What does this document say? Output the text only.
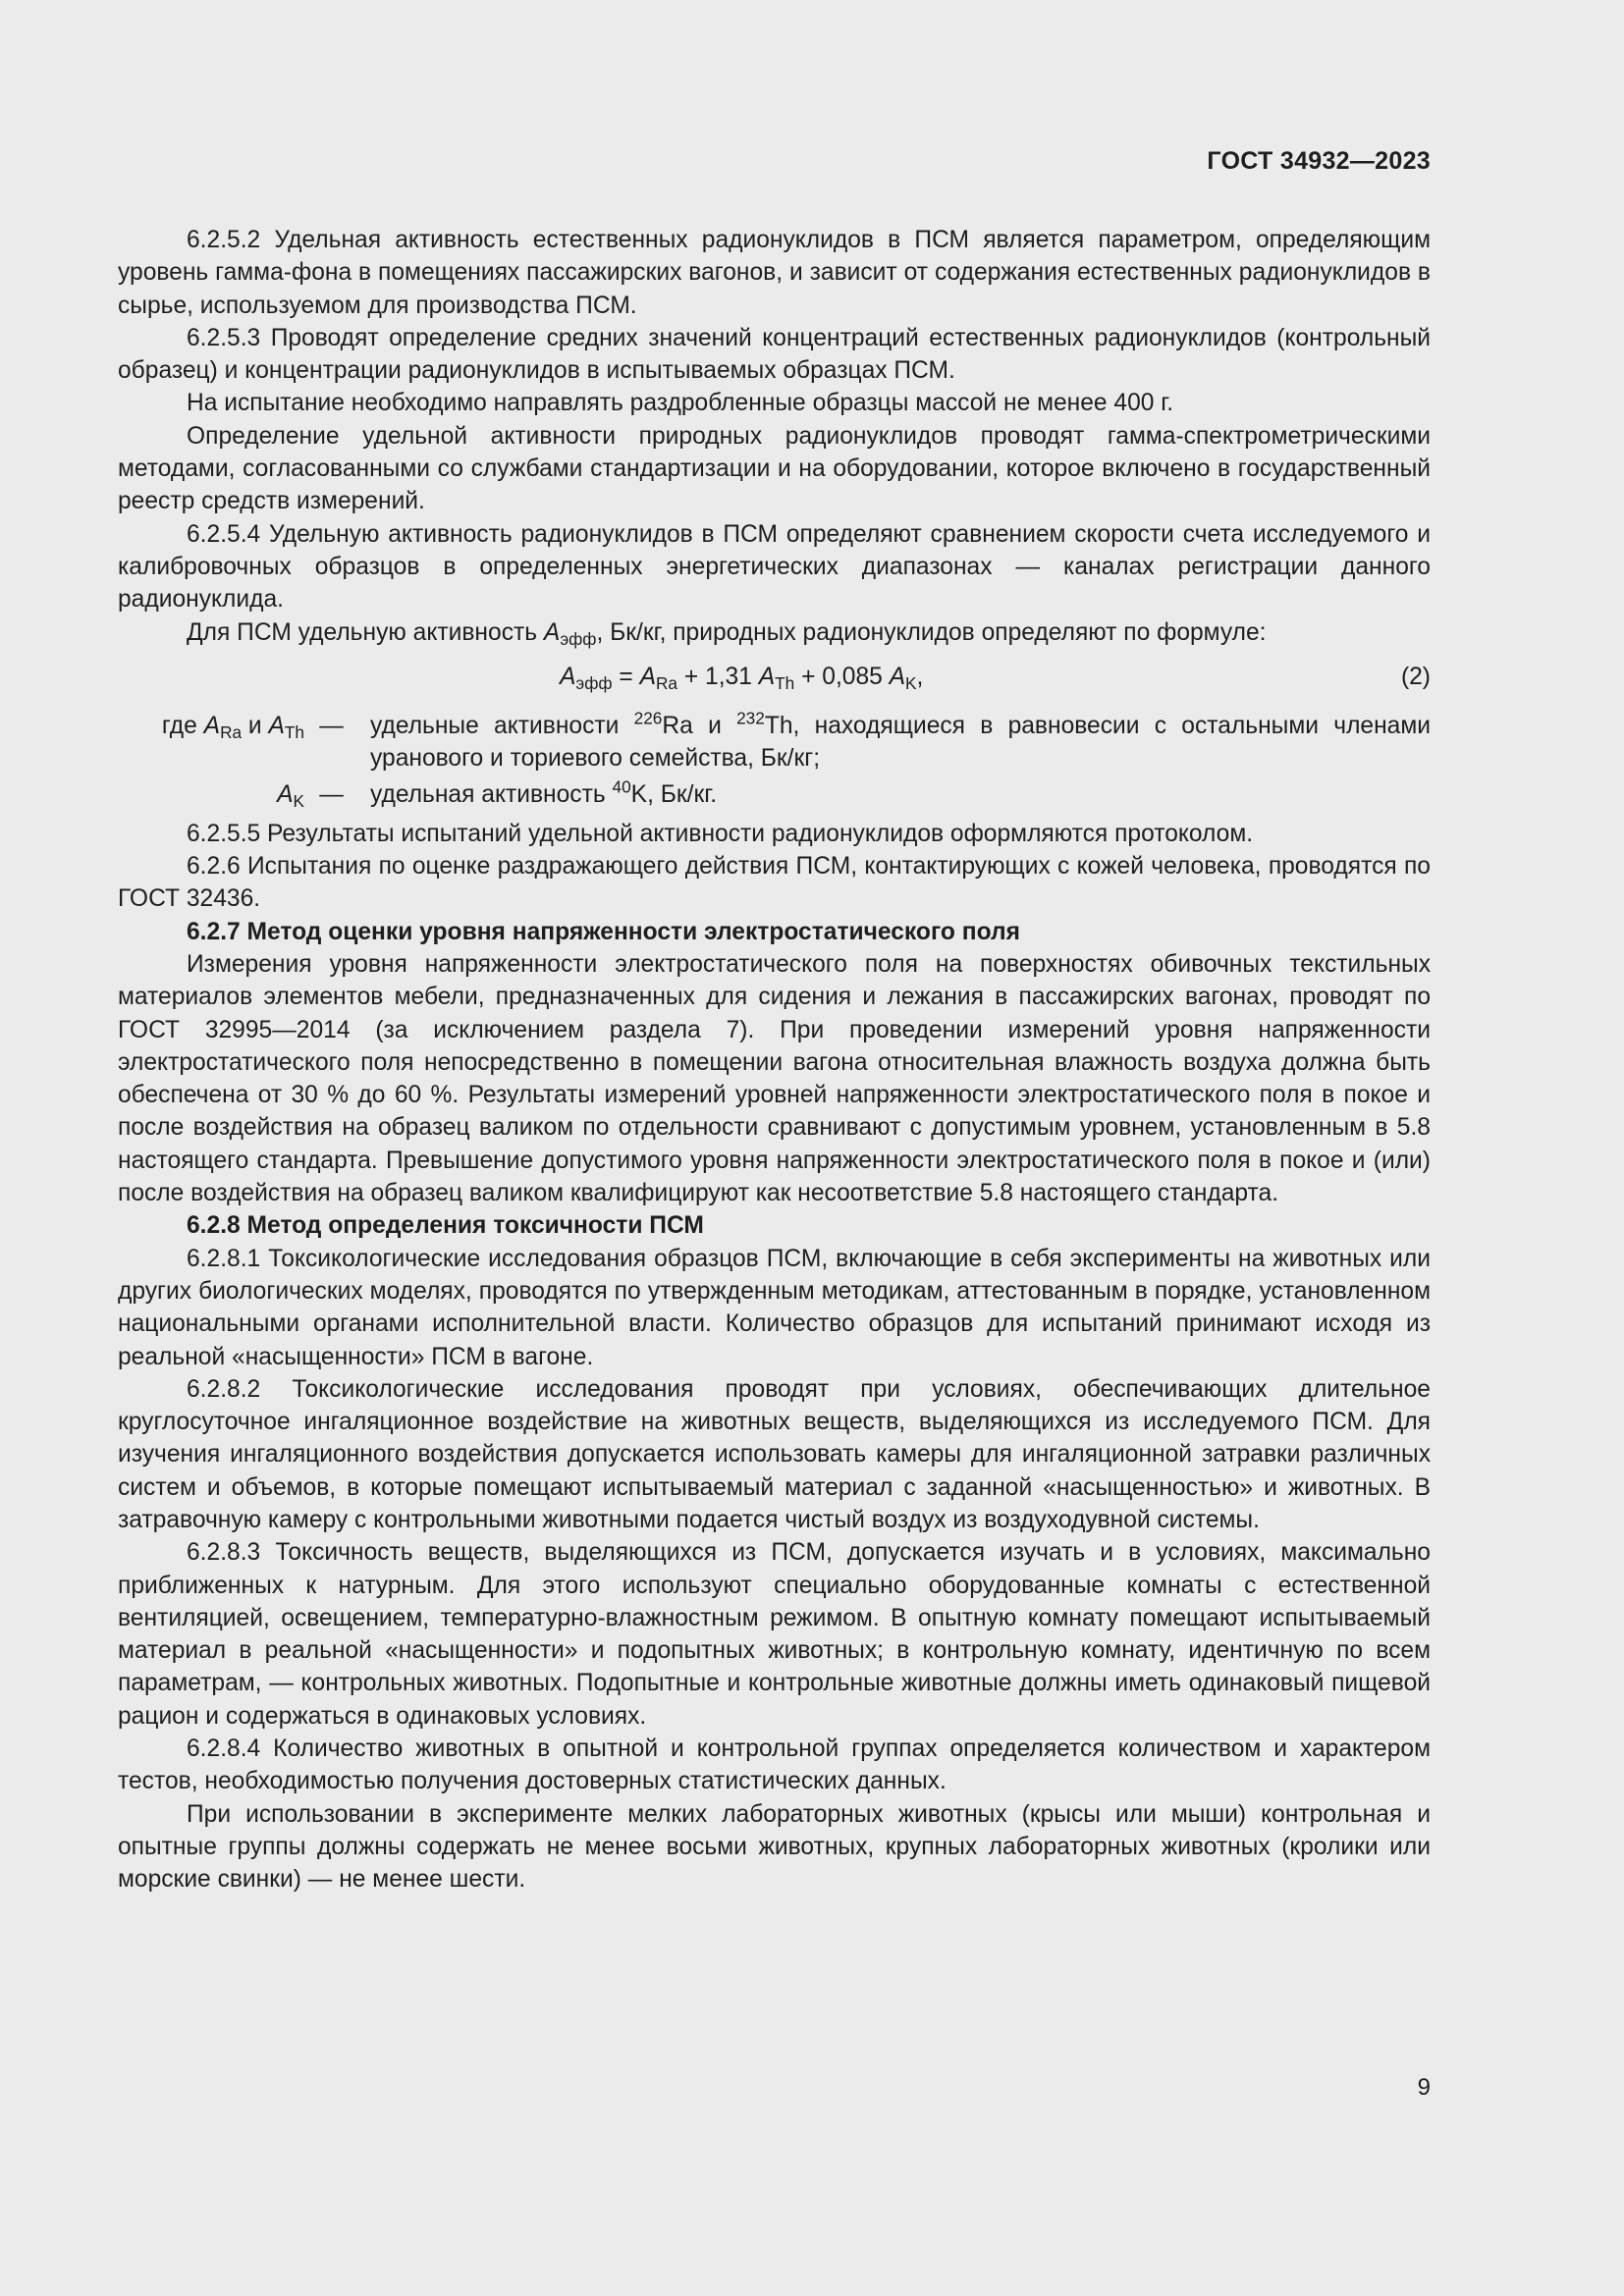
ГОСТ 34932—2023

6.2.5.2 Удельная активность естественных радионуклидов в ПСМ является параметром, определяющим уровень гамма-фона в помещениях пассажирских вагонов, и зависит от содержания естественных радионуклидов в сырье, используемом для производства ПСМ.

6.2.5.3 Проводят определение средних значений концентраций естественных радионуклидов (контрольный образец) и концентрации радионуклидов в испытываемых образцах ПСМ.

На испытание необходимо направлять раздробленные образцы массой не менее 400 г.

Определение удельной активности природных радионуклидов проводят гамма-спектрометрическими методами, согласованными со службами стандартизации и на оборудовании, которое включено в государственный реестр средств измерений.

6.2.5.4 Удельную активность радионуклидов в ПСМ определяют сравнением скорости счета исследуемого и калибровочных образцов в определенных энергетических диапазонах — каналах регистрации данного радионуклида.

Для ПСМ удельную активность $A_{эфф}$, Бк/кг, природных радионуклидов определяют по формуле:

$A_{эфф} = A_{Ra} + 1,31$ $A_{Th} + 0,085$ $A_K$,	(2)
где $A_{Ra}$ и $A_{Th}$ —	удельные активности $^{226}$Ra и $^{232}$Th, находящиеся в равновесии с остальными членами уранового и ториевого семейства, Бк/кг;
$A_K$ —	удельная активность $^{40}$K, Бк/кг.

6.2.5.5 Результаты испытаний удельной активности радионуклидов оформляются протоколом.

6.2.6 Испытания по оценке раздражающего действия ПСМ, контактирующих с кожей человека, проводятся по ГОСТ 32436.

6.2.7 Метод оценки уровня напряженности электростатического поля

Измерения уровня напряженности электростатического поля на поверхностях обивочных текстильных материалов элементов мебели, предназначенных для сидения и лежания в пассажирских вагонах, проводят по ГОСТ 32995—2014 (за исключением раздела 7). При проведении измерений уровня напряженности электростатического поля непосредственно в помещении вагона относительная влажность воздуха должна быть обеспечена от 30 % до 60 %. Результаты измерений уровней напряженности электростатического поля в покое и после воздействия на образец валиком по отдельности сравнивают с допустимым уровнем, установленным в 5.8 настоящего стандарта. Превышение допустимого уровня напряженности электростатического поля в покое и (или) после воздействия на образец валиком квалифицируют как несоответствие 5.8 настоящего стандарта.

6.2.8 Метод определения токсичности ПСМ

6.2.8.1 Токсикологические исследования образцов ПСМ, включающие в себя эксперименты на животных или других биологических моделях, проводятся по утвержденным методикам, аттестованным в порядке, установленном национальными органами исполнительной власти. Количество образцов для испытаний принимают исходя из реальной «насыщенности» ПСМ в вагоне.

6.2.8.2 Токсикологические исследования проводят при условиях, обеспечивающих длительное круглосуточное ингаляционное воздействие на животных веществ, выделяющихся из исследуемого ПСМ. Для изучения ингаляционного воздействия допускается использовать камеры для ингаляционной затравки различных систем и объемов, в которые помещают испытываемый материал с заданной «насыщенностью» и животных. В затравочную камеру с контрольными животными подается чистый воздух из воздуходувной системы.

6.2.8.3 Токсичность веществ, выделяющихся из ПСМ, допускается изучать и в условиях, максимально приближенных к натурным. Для этого используют специально оборудованные комнаты с естественной вентиляцией, освещением, температурно-влажностным режимом. В опытную комнату помещают испытываемый материал в реальной «насыщенности» и подопытных животных; в контрольную комнату, идентичную по всем параметрам, — контрольных животных. Подопытные и контрольные животные должны иметь одинаковый пищевой рацион и содержаться в одинаковых условиях.

6.2.8.4 Количество животных в опытной и контрольной группах определяется количеством и характером тестов, необходимостью получения достоверных статистических данных.

При использовании в эксперименте мелких лабораторных животных (крысы или мыши) контрольная и опытные группы должны содержать не менее восьми животных, крупных лабораторных животных (кролики или морские свинки) — не менее шести.

9
